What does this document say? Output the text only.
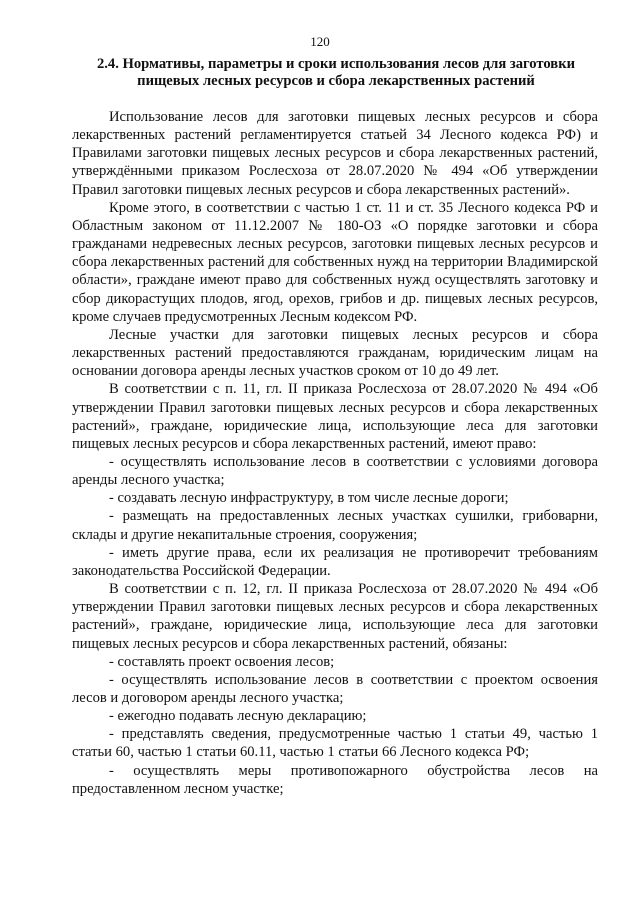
120
2.4. Нормативы, параметры и сроки использования лесов для заготовки пищевых лесных ресурсов и сбора лекарственных растений

Использование лесов для заготовки пищевых лесных ресурсов и сбора лекарственных растений регламентируется статьей 34 Лесного кодекса РФ) и Правилами заготовки пищевых лесных ресурсов и сбора лекарственных растений, утверждёнными приказом Рослесхоза от 28.07.2020 № 494 «Об утверждении Правил заготовки пищевых лесных ресурсов и сбора лекарственных растений».

Кроме этого, в соответствии с частью 1 ст. 11 и ст. 35 Лесного кодекса РФ и Областным законом от 11.12.2007 № 180-ОЗ «О порядке заготовки и сбора гражданами недревесных лесных ресурсов, заготовки пищевых лесных ресурсов и сбора лекарственных растений для собственных нужд на территории Владимирской области», граждане имеют право для собственных нужд осуществлять заготовку и сбор дикорастущих плодов, ягод, орехов, грибов и др. пищевых лесных ресурсов, кроме случаев предусмотренных Лесным кодексом РФ.

Лесные участки для заготовки пищевых лесных ресурсов и сбора лекарственных растений предоставляются гражданам, юридическим лицам на основании договора аренды лесных участков сроком от 10 до 49 лет.

В соответствии с п. 11, гл. II приказа Рослесхоза от 28.07.2020 № 494 «Об утверждении Правил заготовки пищевых лесных ресурсов и сбора лекарственных растений», граждане, юридические лица, использующие леса для заготовки пищевых лесных ресурсов и сбора лекарственных растений, имеют право:

- осуществлять использование лесов в соответствии с условиями договора аренды лесного участка;

- создавать лесную инфраструктуру, в том числе лесные дороги;

- размещать на предоставленных лесных участках сушилки, грибоварни, склады и другие некапитальные строения, сооружения;

- иметь другие права, если их реализация не противоречит требованиям законодательства Российской Федерации.

В соответствии с п. 12, гл. II приказа Рослесхоза от 28.07.2020 № 494 «Об утверждении Правил заготовки пищевых лесных ресурсов и сбора лекарственных растений», граждане, юридические лица, использующие леса для заготовки пищевых лесных ресурсов и сбора лекарственных растений, обязаны:

- составлять проект освоения лесов;

- осуществлять использование лесов в соответствии с проектом освоения лесов и договором аренды лесного участка;

- ежегодно подавать лесную декларацию;

- представлять сведения, предусмотренные частью 1 статьи 49, частью 1 статьи 60, частью 1 статьи 60.11, частью 1 статьи 66 Лесного кодекса РФ;

- осуществлять меры противопожарного обустройства лесов на предоставленном лесном участке;
